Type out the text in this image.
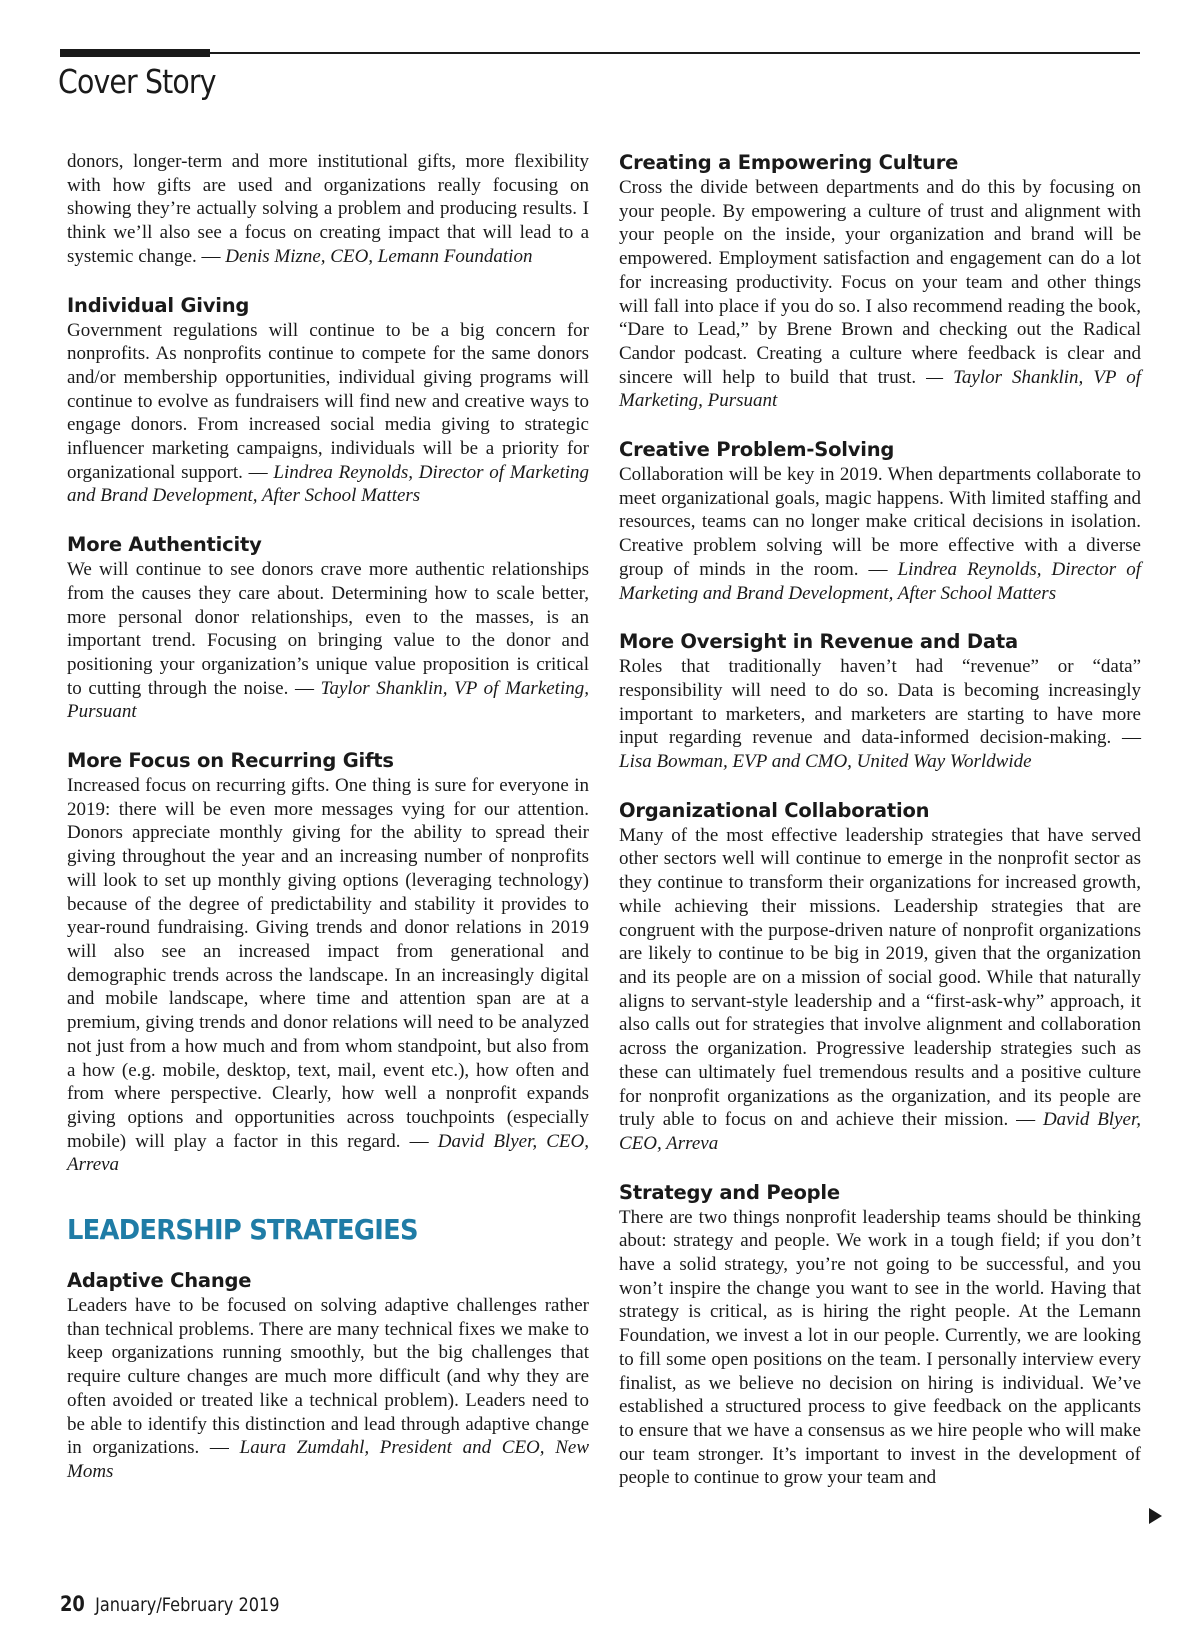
Cover Story

donors, longer-term and more institutional gifts, more flexibility with how gifts are used and organizations really focusing on showing they’re actually solving a problem and producing results. I think we’ll also see a focus on creating impact that will lead to a systemic change. — Denis Mizne, CEO, Lemann Foundation

Individual Giving

Government regulations will continue to be a big concern for nonprofits. As nonprofits continue to compete for the same donors and/or membership opportunities, individual giving programs will continue to evolve as fundraisers will find new and creative ways to engage donors. From increased social media giving to strategic influencer marketing campaigns, individuals will be a priority for organizational support. — Lindrea Reynolds, Director of Marketing and Brand Development, After School Matters

More Authenticity

We will continue to see donors crave more authentic relationships from the causes they care about. Determining how to scale better, more personal donor relationships, even to the masses, is an important trend. Focusing on bringing value to the donor and positioning your organization’s unique value proposition is critical to cutting through the noise. — Taylor Shanklin, VP of Marketing, Pursuant

More Focus on Recurring Gifts

Increased focus on recurring gifts. One thing is sure for everyone in 2019: there will be even more messages vying for our attention. Donors appreciate monthly giving for the ability to spread their giving throughout the year and an increasing number of nonprofits will look to set up monthly giving options (leveraging technology) because of the degree of predictability and stability it provides to year-round fundraising. Giving trends and donor relations in 2019 will also see an increased impact from generational and demographic trends across the landscape. In an increasingly digital and mobile landscape, where time and attention span are at a premium, giving trends and donor relations will need to be analyzed not just from a how much and from whom standpoint, but also from a how (e.g. mobile, desktop, text, mail, event etc.), how often and from where perspective. Clearly, how well a nonprofit expands giving options and opportunities across touchpoints (especially mobile) will play a factor in this regard. — David Blyer, CEO, Arreva

LEADERSHIP STRATEGIES
Adaptive Change

Leaders have to be focused on solving adaptive challenges rather than technical problems. There are many technical fixes we make to keep organizations running smoothly, but the big challenges that require culture changes are much more difficult (and why they are often avoided or treated like a technical problem). Leaders need to be able to identify this distinction and lead through adaptive change in organizations. — Laura Zumdahl, President and CEO, New Moms

Creating a Empowering Culture

Cross the divide between departments and do this by focusing on your people. By empowering a culture of trust and alignment with your people on the inside, your organization and brand will be empowered. Employment satisfaction and engagement can do a lot for increasing productivity. Focus on your team and other things will fall into place if you do so. I also recommend reading the book, “Dare to Lead,” by Brene Brown and checking out the Radical Candor podcast. Creating a culture where feedback is clear and sincere will help to build that trust. — Taylor Shanklin, VP of Marketing, Pursuant

Creative Problem-Solving

Collaboration will be key in 2019. When departments collaborate to meet organizational goals, magic happens. With limited staffing and resources, teams can no longer make critical decisions in isolation. Creative problem solving will be more effective with a diverse group of minds in the room. — Lindrea Reynolds, Director of Marketing and Brand Development, After School Matters

More Oversight in Revenue and Data

Roles that traditionally haven’t had “revenue” or “data” responsibility will need to do so. Data is becoming increasingly important to marketers, and marketers are starting to have more input regarding revenue and data-informed decision-making. — Lisa Bowman, EVP and CMO, United Way Worldwide

Organizational Collaboration

Many of the most effective leadership strategies that have served other sectors well will continue to emerge in the nonprofit sector as they continue to transform their organizations for increased growth, while achieving their missions. Leadership strategies that are congruent with the purpose-driven nature of nonprofit organizations are likely to continue to be big in 2019, given that the organization and its people are on a mission of social good. While that naturally aligns to servant-style leadership and a “first-ask-why” approach, it also calls out for strategies that involve alignment and collaboration across the organization. Progressive leadership strategies such as these can ultimately fuel tremendous results and a positive culture for nonprofit organizations as the organization, and its people are truly able to focus on and achieve their mission. — David Blyer, CEO, Arreva

Strategy and People

There are two things nonprofit leadership teams should be thinking about: strategy and people. We work in a tough field; if you don’t have a solid strategy, you’re not going to be successful, and you won’t inspire the change you want to see in the world. Having that strategy is critical, as is hiring the right people. At the Lemann Foundation, we invest a lot in our people. Currently, we are looking to fill some open positions on the team. I personally interview every finalist, as we believe no decision on hiring is individual. We’ve established a structured process to give feedback on the applicants to ensure that we have a consensus as we hire people who will make our team stronger. It’s important to invest in the development of people to continue to grow your team and

20 January/February 2019
